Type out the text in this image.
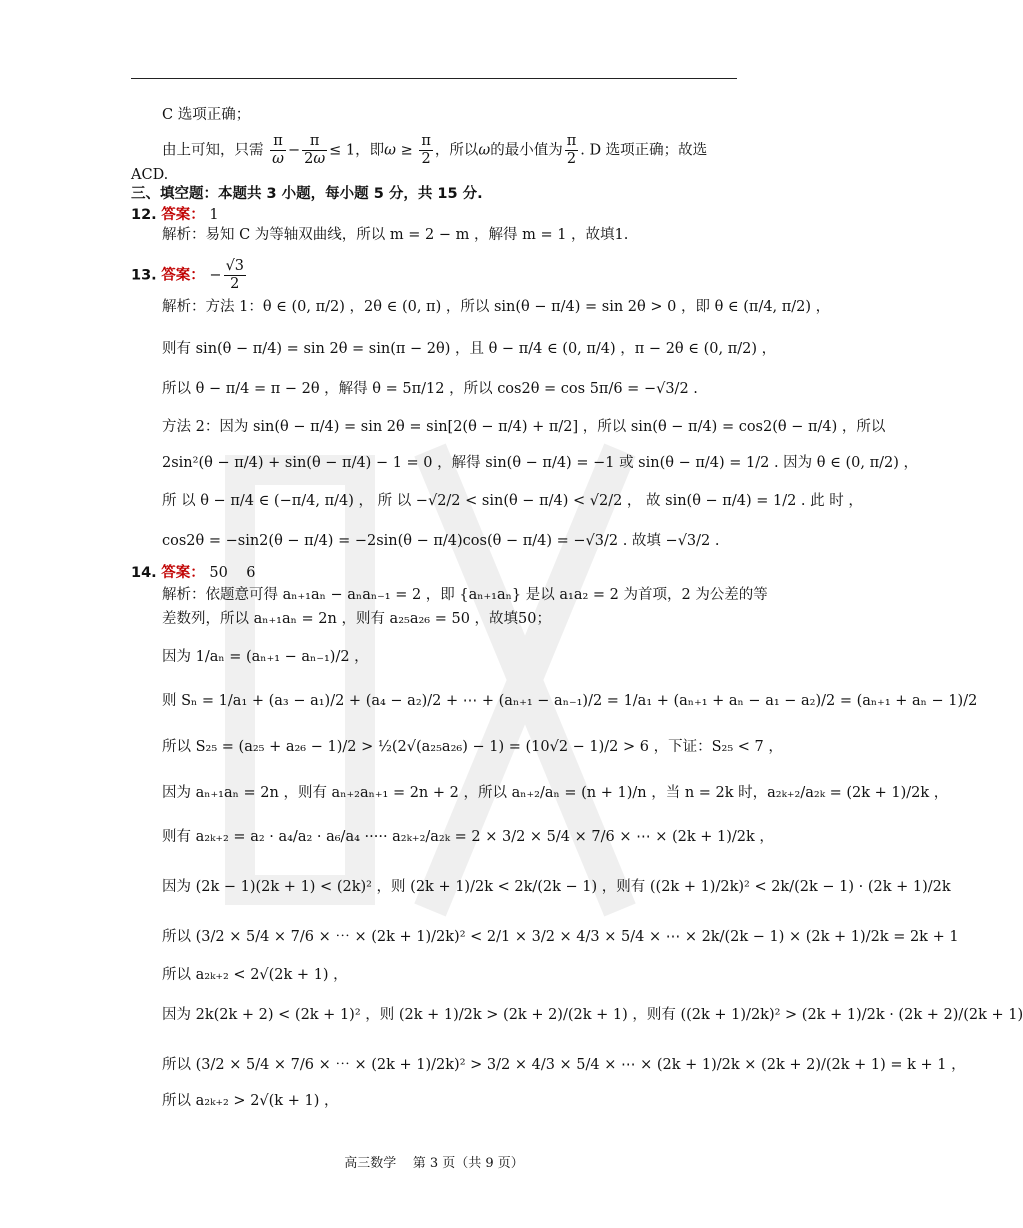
C 选项正确；
由上可知，只需 $\frac{\pi}{\omega} - \frac{\pi}{2\omega} \le 1$，即$\omega \ge \frac{\pi}{2}$ ，所以ω的最小值为 $\frac{\pi}{2}$ . D 选项正确；故选
ACD.
三、填空题：本题共 3 小题，每小题 5 分，共 15 分.
12. 答案： 1
解析：易知 C 为等轴双曲线，所以 m = 2 − m ，解得 m = 1 ，故填1.
13. 答案： − $\frac{√3}{2}$
解析：方法 1：θ ∈ (0, π/2) ，2θ ∈ (0, π) ，所以 sin(θ − π/4) = sin 2θ > 0 ，即 θ ∈ (π/4, π/2) ，
则有 sin(θ − π/4) = sin 2θ = sin(π − 2θ) ，且 θ − π/4 ∈ (0, π/4) ，π − 2θ ∈ (0, π/2) ，
所以 θ − π/4 = π − 2θ ，解得 θ = 5π/12 ，所以 cos2θ = cos 5π/6 = −√3/2 .
方法 2：因为 sin(θ − π/4) = sin 2θ = sin[2(θ − π/4) + π/2] ，所以 sin(θ − π/4) = cos2(θ − π/4) ，所以
2sin²(θ − π/4) + sin(θ − π/4) − 1 = 0 ，解得 sin(θ − π/4) = −1 或 sin(θ − π/4) = 1/2 . 因为 θ ∈ (0, π/2) ，
所 以 θ − π/4 ∈ (−π/4, π/4) ， 所 以 −√2/2 < sin(θ − π/4) < √2/2 ， 故 sin(θ − π/4) = 1/2 . 此 时 ，
cos2θ = −sin2(θ − π/4) = −2sin(θ − π/4)cos(θ − π/4) = −√3/2 . 故填 −√3/2 .
14. 答案： 50    6
解析：依题意可得 aₙ₊₁aₙ − aₙaₙ₋₁ = 2 ，即 {aₙ₊₁aₙ} 是以 a₁a₂ = 2 为首项，2 为公差的等
差数列，所以 aₙ₊₁aₙ = 2n ，则有 a₂₅a₂₆ = 50 ，故填50；
因为 1/aₙ = (aₙ₊₁ − aₙ₋₁)/2 ，
则 Sₙ = 1/a₁ + (a₃ − a₁)/2 + (a₄ − a₂)/2 + ⋯ + (aₙ₊₁ − aₙ₋₁)/2 = 1/a₁ + (aₙ₊₁ + aₙ − a₁ − a₂)/2 = (aₙ₊₁ + aₙ − 1)/2
所以 S₂₅ = (a₂₅ + a₂₆ − 1)/2 > ½(2√(a₂₅a₂₆) − 1) = (10√2 − 1)/2 > 6 ，下证：S₂₅ < 7 ，
因为 aₙ₊₁aₙ = 2n ，则有 aₙ₊₂aₙ₊₁ = 2n + 2 ，所以 aₙ₊₂/aₙ = (n + 1)/n ，当 n = 2k 时，a₂ₖ₊₂/a₂ₖ = (2k + 1)/2k ，
则有 a₂ₖ₊₂ = a₂ · a₄/a₂ · a₆/a₄ ····· a₂ₖ₊₂/a₂ₖ = 2 × 3/2 × 5/4 × 7/6 × ⋯ × (2k + 1)/2k ，
因为 (2k − 1)(2k + 1) < (2k)² ，则 (2k + 1)/2k < 2k/(2k − 1) ，则有 ((2k + 1)/2k)² < 2k/(2k − 1) · (2k + 1)/2k
所以 (3/2 × 5/4 × 7/6 × ⋯ × (2k + 1)/2k)² < 2/1 × 3/2 × 4/3 × 5/4 × ⋯ × 2k/(2k − 1) × (2k + 1)/2k = 2k + 1
所以 a₂ₖ₊₂ < 2√(2k + 1) ，
因为 2k(2k + 2) < (2k + 1)² ，则 (2k + 1)/2k > (2k + 2)/(2k + 1) ，则有 ((2k + 1)/2k)² > (2k + 1)/2k · (2k + 2)/(2k + 1)
所以 (3/2 × 5/4 × 7/6 × ⋯ × (2k + 1)/2k)² > 3/2 × 4/3 × 5/4 × ⋯ × (2k + 1)/2k × (2k + 2)/(2k + 1) = k + 1 ，
所以 a₂ₖ₊₂ > 2√(k + 1) ，
高三数学    第 3 页（共 9 页）
